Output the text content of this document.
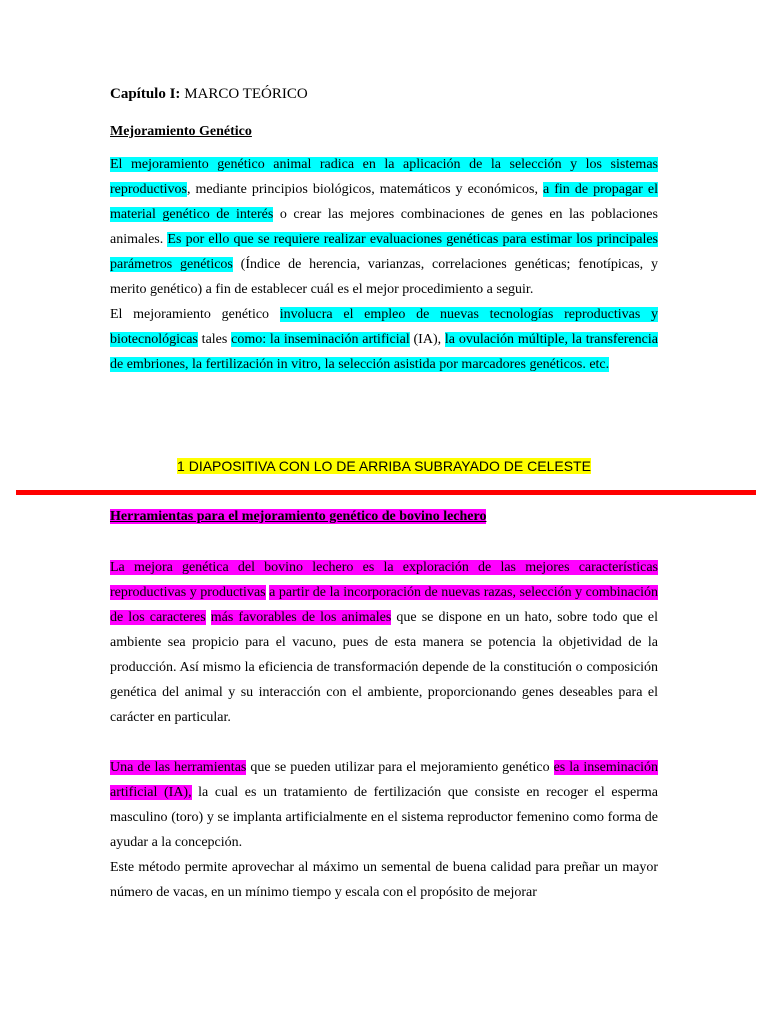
Capítulo I: MARCO TEÓRICO
Mejoramiento Genético

El mejoramiento genético animal radica en la aplicación de la selección y los sistemas reproductivos, mediante principios biológicos, matemáticos y económicos, a fin de propagar el material genético de interés o crear las mejores combinaciones de genes en las poblaciones animales. Es por ello que se requiere realizar evaluaciones genéticas para estimar los principales parámetros genéticos (Índice de herencia, varianzas, correlaciones genéticas; fenotípicas, y merito genético) a fin de establecer cuál es el mejor procedimiento a seguir.

El mejoramiento genético involucra el empleo de nuevas tecnologías reproductivas y biotecnológicas tales como: la inseminación artificial (IA), la ovulación múltiple, la transferencia de embriones, la fertilización in vitro, la selección asistida por marcadores genéticos. etc.

1 DIAPOSITIVA CON LO DE ARRIBA SUBRAYADO DE CELESTE
Herramientas para el mejoramiento genético de bovino lechero

La mejora genética del bovino lechero es la exploración de las mejores características reproductivas y productivas a partir de la incorporación de nuevas razas, selección y combinación de los caracteres más favorables de los animales que se dispone en un hato, sobre todo que el ambiente sea propicio para el vacuno, pues de esta manera se potencia la objetividad de la producción. Así mismo la eficiencia de transformación depende de la constitución o composición genética del animal y su interacción con el ambiente, proporcionando genes deseables para el carácter en particular.

Una de las herramientas que se pueden utilizar para el mejoramiento genético es la inseminación artificial (IA), la cual es un tratamiento de fertilización que consiste en recoger el esperma masculino (toro) y se implanta artificialmente en el sistema reproductor femenino como forma de ayudar a la concepción.

Este método permite aprovechar al máximo un semental de buena calidad para preñar un mayor número de vacas, en un mínimo tiempo y escala con el propósito de mejorar
